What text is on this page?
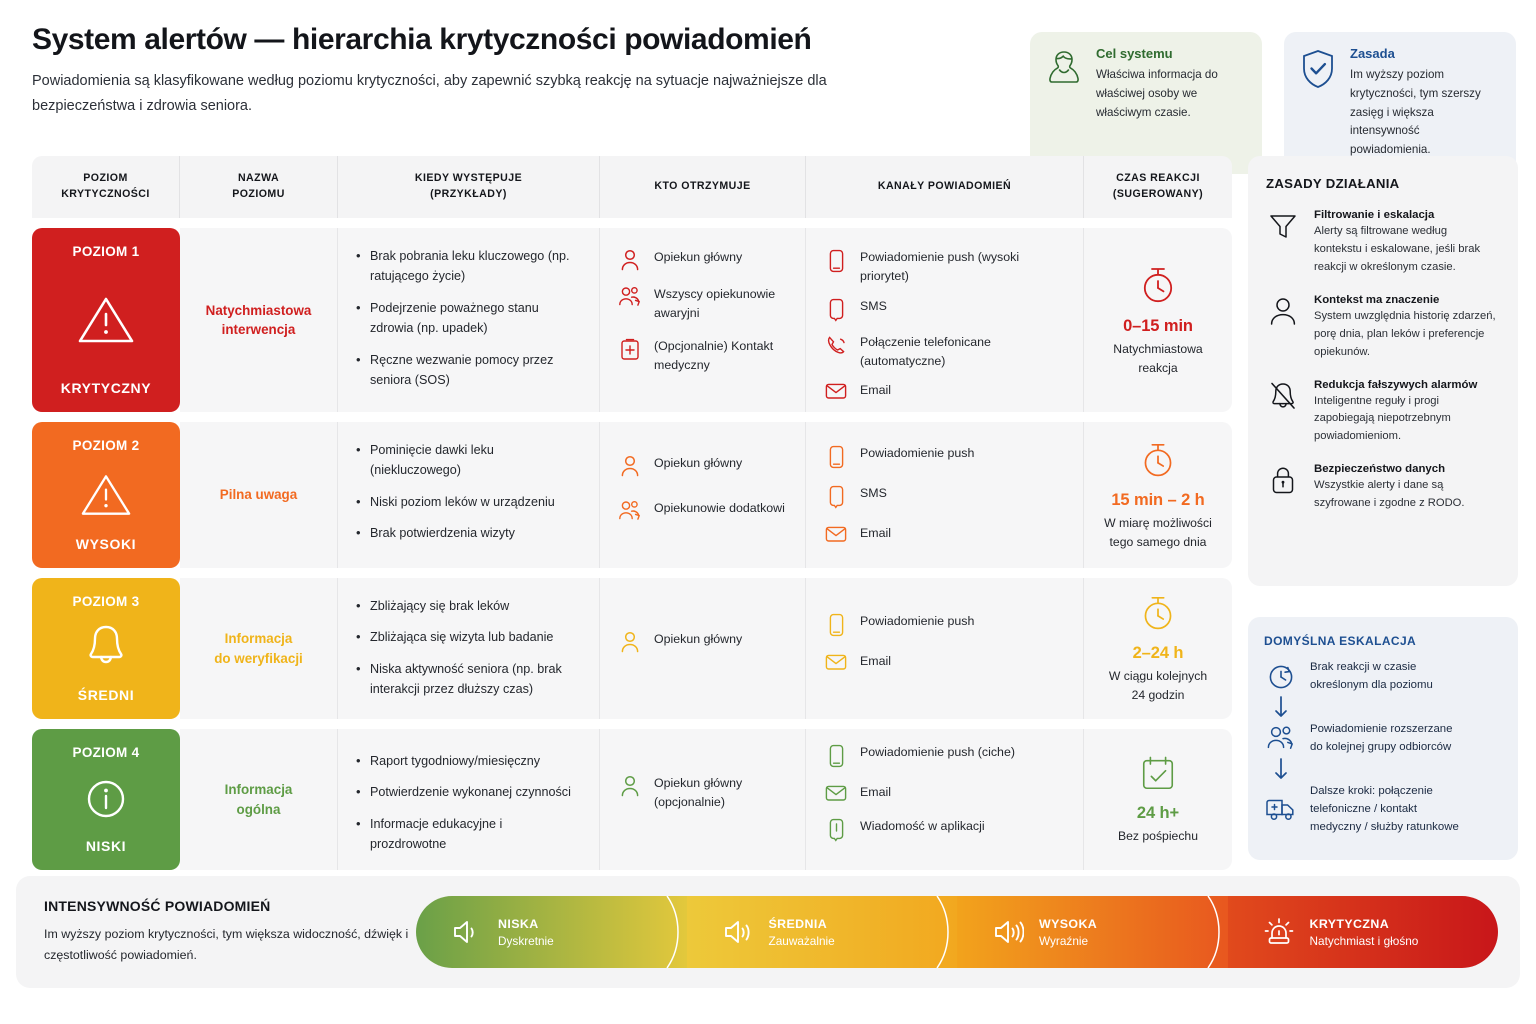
System alertów — hierarchia krytyczności powiadomień
Powiadomienia są klasyfikowane według poziomu krytyczności, aby zapewnić szybką reakcję na sytuacje najważniejsze dla bezpieczeństwa i zdrowia seniora.
Cel systemu
Właściwa informacja do właściwej osoby we właściwym czasie.
Zasada
Im wyższy poziom krytyczności, tym szerszy zasięg i większa intensywność powiadomienia.
POZIOM
KRYTYCZNOŚCI
NAZWA
POZIOMU
KIEDY WYSTĘPUJE
(PRZYKŁADY)
KTO OTRZYMUJE	KANAŁY POWIADOMIEŃ
CZAS REAKCJI
(SUGEROWANY)
POZIOM 1
KRYTYCZNY
Natychmiastowa
interwencja
• Brak pobrania leku kluczowego (np. ratującego życie)
• Podejrzenie poważnego stanu zdrowia (np. upadek)
• Ręczne wezwanie pomocy przez seniora (SOS)
Opiekun główny
Wszyscy opiekunowie awaryjni
(Opcjonalnie) Kontakt medyczny
Powiadomienie push (wysoki priorytet)
SMS
Połączenie telefonicane (automatyczne)
Email
0–15 min
Natychmiastowa
reakcja
POZIOM 2
WYSOKI
Pilna uwaga
• Pominięcie dawki leku (niekluczowego)
• Niski poziom leków w urządzeniu
• Brak potwierdzenia wizyty
Opiekun główny
Opiekunowie dodatkowi
Powiadomienie push
SMS
Email
15 min – 2 h
W miarę możliwości
tego samego dnia
POZIOM 3
ŚREDNI
Informacja
do weryfikacji
• Zbliżający się brak leków
• Zbliżająca się wizyta lub badanie
• Niska aktywność seniora (np. brak interakcji przez dłuższy czas)
Opiekun główny
Powiadomienie push
Email	2–24 h
W ciągu kolejnych
24 godzin
POZIOM 4
NISKI
Informacja
ogólna
• Raport tygodniowy/miesięczny
• Potwierdzenie wykonanej czynności
• Informacje edukacyjne i prozdrowotne
Opiekun główny (opcjonalnie)
Powiadomienie push (ciche)
Email
Wiadomość w aplikacji
24 h+
Bez pośpiechu
ZASADY DZIAŁANIA
Filtrowanie i eskalacja
Alerty są filtrowane według kontekstu i eskalowane, jeśli brak reakcji w określonym czasie.
Kontekst ma znaczenie
System uwzględnia historię zdarzeń, porę dnia, plan leków i preferencje opiekunów.
Redukcja fałszywych alarmów
Inteligentne reguły i progi zapobiegają niepotrzebnym powiadomieniom.
Bezpieczeństwo danych
Wszystkie alerty i dane są szyfrowane i zgodne z RODO.
DOMYŚLNA ESKALACJA
Brak reakcji w czasie
określonym dla poziomu
Powiadomienie rozszerzane
do kolejnej grupy odbiorców
Dalsze kroki: połączenie
telefoniczne / kontakt
medyczny / służby ratunkowe
INTENSYWNOŚĆ POWIADOMIEŃ

Im wyższy poziom krytyczności, tym większa widoczność, dźwięk i częstotliwość powiadomień.

NISKA
Dyskretnie
ŚREDNIA
Zauważalnie
WYSOKA
Wyraźnie
KRYTYCZNA
Natychmiast i głośno
